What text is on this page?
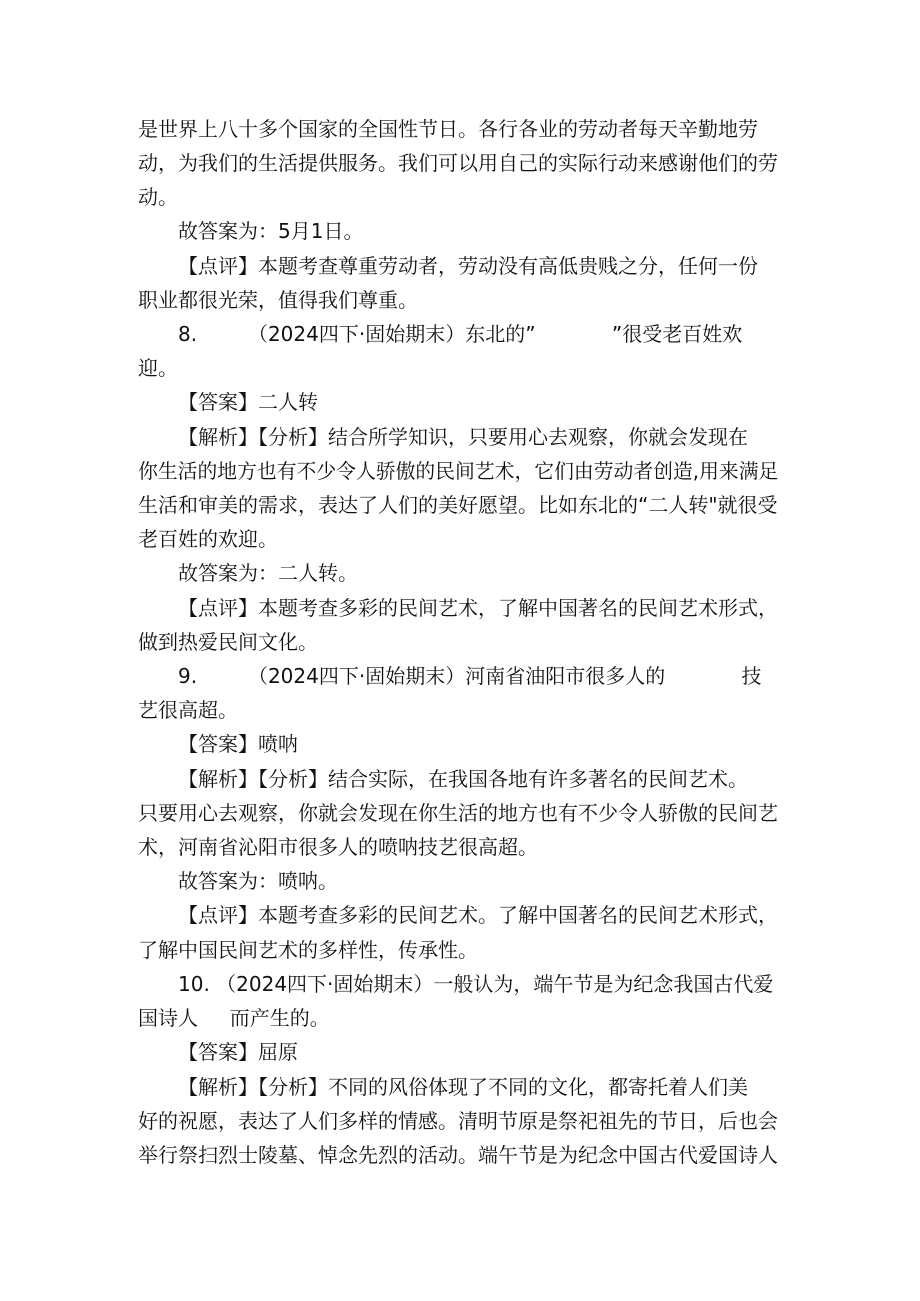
是世界上八十多个国家的全国性节日。各行各业的劳动者每天辛勤地劳
动，为我们的生活提供服务。我们可以用自己的实际行动来感谢他们的劳
动。
故答案为：5月1日。
【点评】本题考查尊重劳动者，劳动没有高低贵贱之分，任何一份
职业都很光荣，值得我们尊重。
8.        （2024四下·固始期末）东北的”            ”很受老百姓欢
迎。
【答案】二人转
【解析】【分析】结合所学知识，只要用心去观察，你就会发现在
你生活的地方也有不少令人骄傲的民间艺术，它们由劳动者创造,用来满足
生活和审美的需求，表达了人们的美好愿望。比如东北的“二人转"就很受
老百姓的欢迎。
故答案为：二人转。
【点评】本题考查多彩的民间艺术，了解中国著名的民间艺术形式，
做到热爱民间文化。
9.        （2024四下·固始期末）河南省油阳市很多人的            技
艺很高超。
【答案】喷呐
【解析】【分析】结合实际，在我国各地有许多著名的民间艺术。
只要用心去观察，你就会发现在你生活的地方也有不少令人骄傲的民间艺
术，河南省沁阳市很多人的喷呐技艺很高超。
故答案为：喷呐。
【点评】本题考查多彩的民间艺术。了解中国著名的民间艺术形式，
了解中国民间艺术的多样性，传承性。
10. （2024四下·固始期末）一般认为，端午节是为纪念我国古代爱
国诗人     而产生的。
【答案】屈原
【解析】【分析】不同的风俗体现了不同的文化，都寄托着人们美
好的祝愿，表达了人们多样的情感。清明节原是祭祀祖先的节日，后也会
举行祭扫烈士陵墓、悼念先烈的活动。端午节是为纪念中国古代爱国诗人
